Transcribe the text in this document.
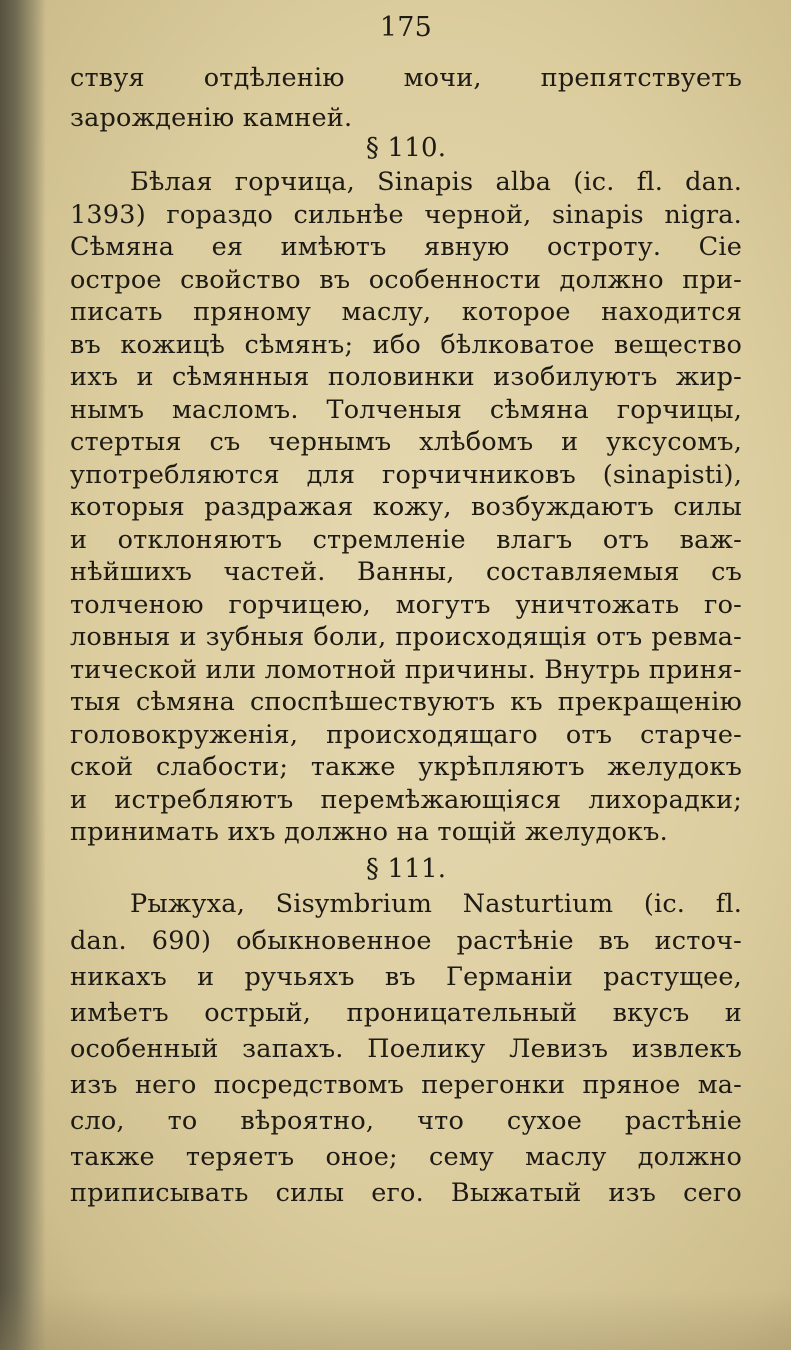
175
ствуя отдѣленію мочи, препятствуетъ
зарожденію камней.
§ 110.
Бѣлая горчица, Sinapis alba (ic. fl. dan.
1393) гораздо сильнѣе черной, sinapis nigra.
Сѣмяна ея имѣютъ явную остроту. Сіе
острое свойство въ особенности должно при-
писать пряному маслу, которое находится
въ кожицѣ сѣмянъ; ибо бѣлковатое вещество
ихъ и сѣмянныя половинки изобилуютъ жир-
нымъ масломъ. Толченыя сѣмяна горчицы,
стертыя съ чернымъ хлѣбомъ и уксусомъ,
употребляются для горчичниковъ (sinapisti),
которыя раздражая кожу, возбуждаютъ силы
и отклоняютъ стремленіе влагъ отъ важ-
нѣйшихъ частей. Ванны, составляемыя съ
толченою горчицею, могутъ уничтожать го-
ловныя и зубныя боли, происходящія отъ ревма-
тической или ломотной причины. Внутрь приня-
тыя сѣмяна споспѣшествуютъ къ прекращенію
головокруженія, происходящаго отъ старче-
ской слабости; также укрѣпляютъ желудокъ
и истребляютъ перемѣжающіяся лихорадки;
принимать ихъ должно на тощій желудокъ.
§ 111.
Рыжуха, Sisymbrium Nasturtium (ic. fl.
dan. 690) обыкновенное растѣніе въ источ-
никахъ и ручьяхъ въ Германіи растущее,
имѣетъ острый, проницательный вкусъ и
особенный запахъ. Поелику Левизъ извлекъ
изъ него посредствомъ перегонки пряное ма-
сло, то вѣроятно, что сухое растѣніе
также теряетъ оное; сему маслу должно
приписывать силы его. Выжатый изъ сего
